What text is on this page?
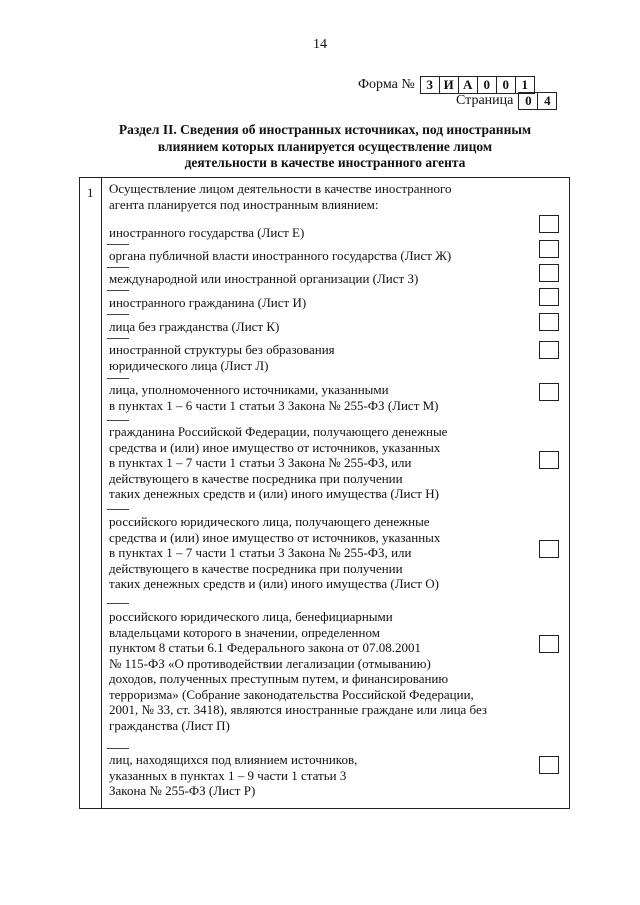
14
Форма № 3 И А 0 0 1
Страница 0 4
Раздел II. Сведения об иностранных источниках, под иностранным
влиянием которых планируется осуществление лицом
деятельности в качестве иностранного агента
1 Осуществление лицом деятельности в качестве иностранного
агента планируется под иностранным влиянием:
иностранного государства (Лист Е)
органа публичной власти иностранного государства (Лист Ж)
международной или иностранной организации (Лист З)
иностранного гражданина (Лист И)
лица без гражданства (Лист К)
иностранной структуры без образования
юридического лица (Лист Л)
лица, уполномоченного источниками, указанными
в пунктах 1 – 6 части 1 статьи 3 Закона № 255-ФЗ (Лист М)
гражданина Российской Федерации, получающего денежные
средства и (или) иное имущество от источников, указанных
в пунктах 1 – 7 части 1 статьи 3 Закона № 255-ФЗ, или
действующего в качестве посредника при получении
таких денежных средств и (или) иного имущества (Лист Н)
российского юридического лица, получающего денежные
средства и (или) иное имущество от источников, указанных
в пунктах 1 – 7 части 1 статьи 3 Закона № 255-ФЗ, или
действующего в качестве посредника при получении
таких денежных средств и (или) иного имущества (Лист О)
российского юридического лица, бенефициарными
владельцами которого в значении, определенном
пунктом 8 статьи 6.1 Федерального закона от 07.08.2001
№ 115-ФЗ «О противодействии легализации (отмыванию)
доходов, полученных преступным путем, и финансированию
терроризма» (Собрание законодательства Российской Федерации,
2001, № 33, ст. 3418), являются иностранные граждане или лица без
гражданства (Лист П)
лиц, находящихся под влиянием источников,
указанных в пунктах 1 – 9 части 1 статьи 3
Закона № 255-ФЗ (Лист Р)
